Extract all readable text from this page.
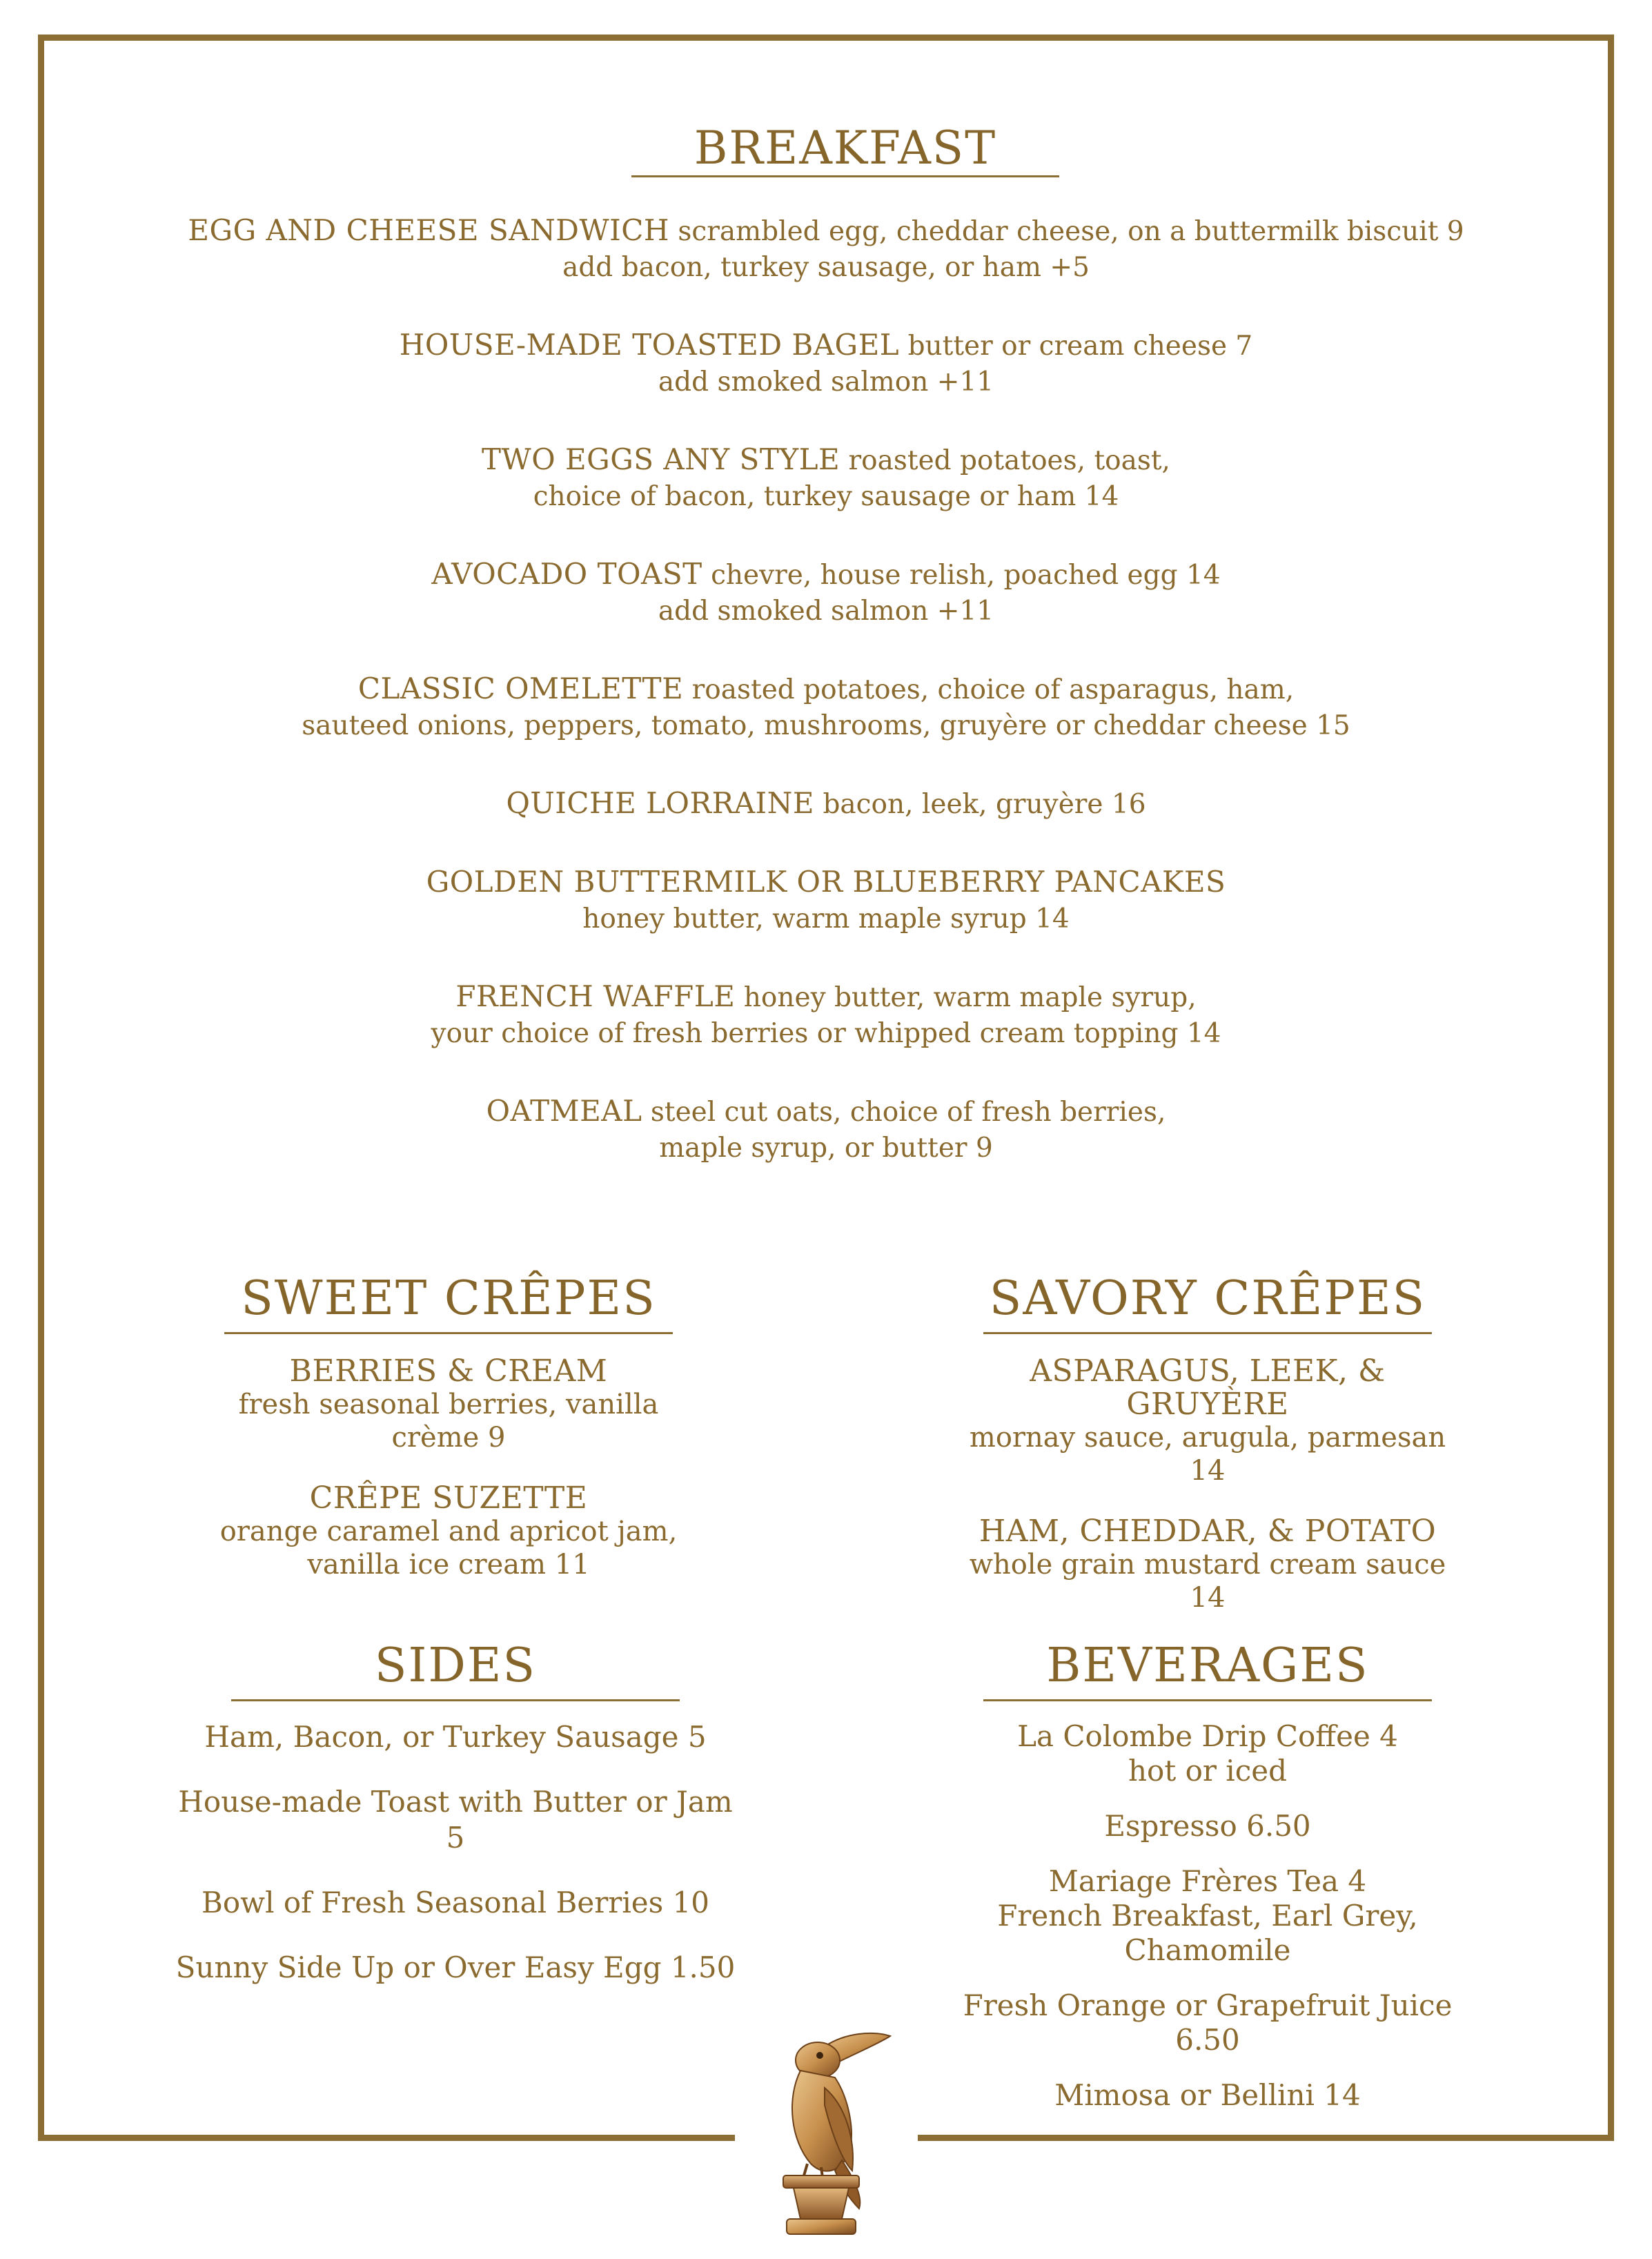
BREAKFAST
EGG AND CHEESE SANDWICH scrambled egg, cheddar cheese, on a buttermilk biscuit 9
add bacon, turkey sausage, or ham +5
HOUSE-MADE TOASTED BAGEL butter or cream cheese 7
add smoked salmon +11
TWO EGGS ANY STYLE roasted potatoes, toast,
choice of bacon, turkey sausage or ham 14
AVOCADO TOAST chevre, house relish, poached egg 14
add smoked salmon +11
CLASSIC OMELETTE roasted potatoes, choice of asparagus, ham,
sauteed onions, peppers, tomato, mushrooms, gruyère or cheddar cheese 15
QUICHE LORRAINE bacon, leek, gruyère 16
GOLDEN BUTTERMILK OR BLUEBERRY PANCAKES
honey butter, warm maple syrup 14
FRENCH WAFFLE honey butter, warm maple syrup,
your choice of fresh berries or whipped cream topping 14
OATMEAL steel cut oats, choice of fresh berries,
maple syrup, or butter 9
SWEET CRÊPES
BERRIES & CREAM
fresh seasonal berries, vanilla crème 9
CRÊPE SUZETTE
orange caramel and apricot jam,
vanilla ice cream 11
SAVORY CRÊPES
ASPARAGUS, LEEK, & GRUYÈRE
mornay sauce, arugula, parmesan 14
HAM, CHEDDAR, & POTATO
whole grain mustard cream sauce 14
SIDES
Ham, Bacon, or Turkey Sausage 5
House-made Toast with Butter or Jam 5
Bowl of Fresh Seasonal Berries 10
Sunny Side Up or Over Easy Egg 1.50
BEVERAGES
La Colombe Drip Coffee 4
hot or iced
Espresso 6.50
Mariage Frères Tea 4
French Breakfast, Earl Grey,
Chamomile
Fresh Orange or Grapefruit Juice 6.50
Mimosa or Bellini 14
